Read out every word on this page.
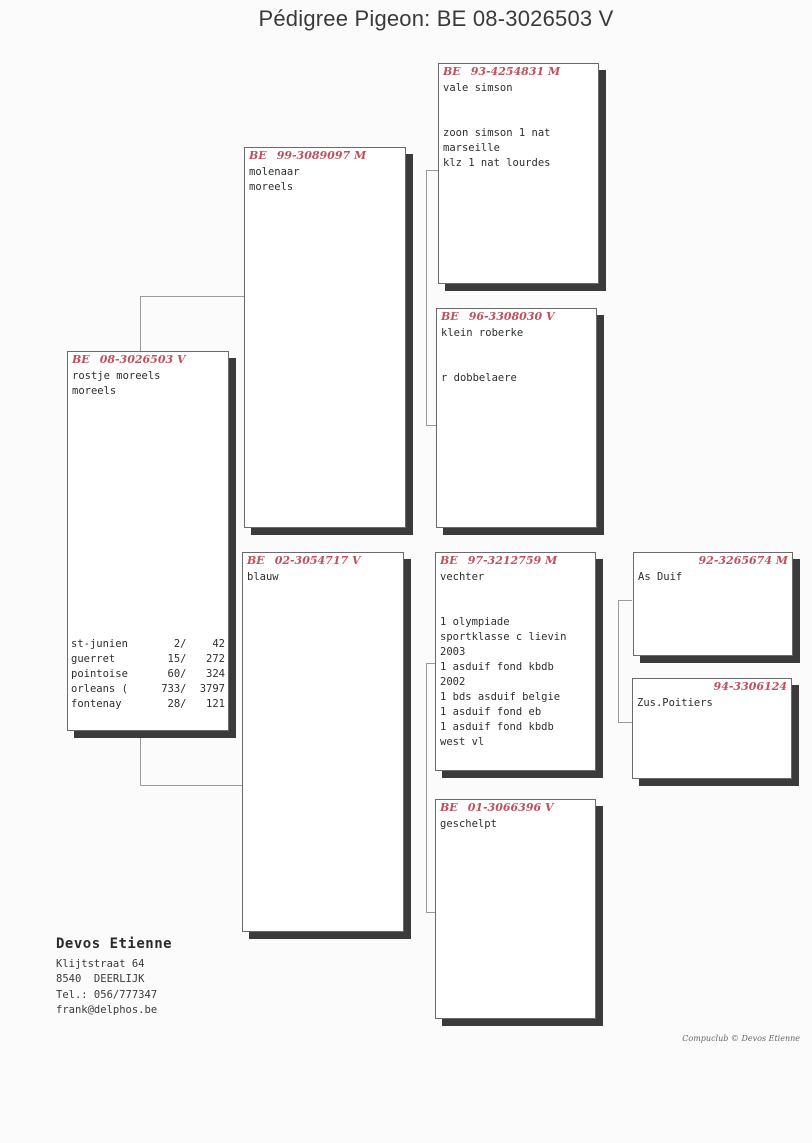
Pédigree Pigeon: BE 08-3026503 V
BE 08-3026503 V
rostje moreels
moreels
st-junien	2/	42
guerret	15/	272
pointoise	60/	324
orleans (	733/	3797
fontenay	28/	121
BE 99-3089097 M
molenaar
moreels
BE 02-3054717 V
blauw
BE 93-4254831 M
vale simson
zoon simson 1 nat
marseille
klz 1 nat lourdes
BE 96-3308030 V
klein roberke
r dobbelaere
BE 97-3212759 M
vechter
1 olympiade
sportklasse c lievin
2003
1 asduif fond kbdb
2002
1 bds asduif belgie
1 asduif fond eb
1 asduif fond kbdb
west vl
BE 01-3066396 V
geschelpt
92-3265674 M
As Duif
94-3306124
Zus.Poitiers
Devos Etienne
Klijtstraat 64
8540  DEERLIJK
Tel.: 056/777347
frank@delphos.be
Compuclub © Devos Etienne
